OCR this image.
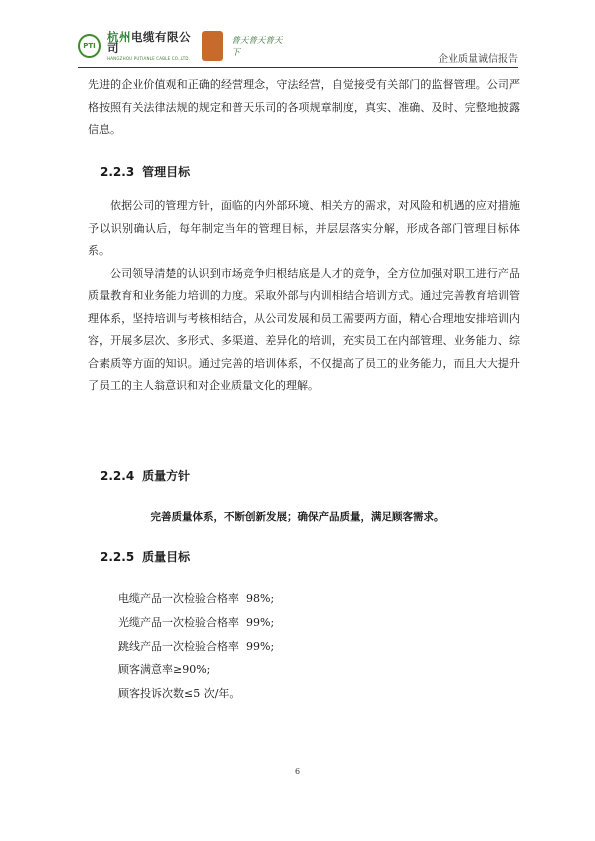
PTI
杭州电缆有限公司
HANGZHOU PUTIANLE CABLE CO.,LTD.
普天普天普天下
企业质量诚信报告

先进的企业价值观和正确的经营理念，守法经营，自觉接受有关部门的监督管理。公司严格按照有关法律法规的规定和普天乐司的各项规章制度，真实、准确、及时、完整地披露信息。

2.2.3 管理目标

依据公司的管理方针，面临的内外部环境、相关方的需求，对风险和机遇的应对措施予以识别确认后，每年制定当年的管理目标，并层层落实分解，形成各部门管理目标体系。

公司领导清楚的认识到市场竞争归根结底是人才的竞争，全方位加强对职工进行产品质量教育和业务能力培训的力度。采取外部与内训相结合培训方式。通过完善教育培训管理体系，坚持培训与考核相结合，从公司发展和员工需要两方面，精心合理地安排培训内容，开展多层次、多形式、多渠道、差异化的培训，充实员工在内部管理、业务能力、综合素质等方面的知识。通过完善的培训体系，不仅提高了员工的业务能力，而且大大提升了员工的主人翁意识和对企业质量文化的理解。

2.2.4 质量方针
完善质量体系，不断创新发展；确保产品质量，满足顾客需求。
2.2.5 质量目标
电缆产品一次检验合格率  98%;
光缆产品一次检验合格率  99%;
跳线产品一次检验合格率  99%;
顾客满意率≥90%;
顾客投诉次数≤5 次/年。
6
